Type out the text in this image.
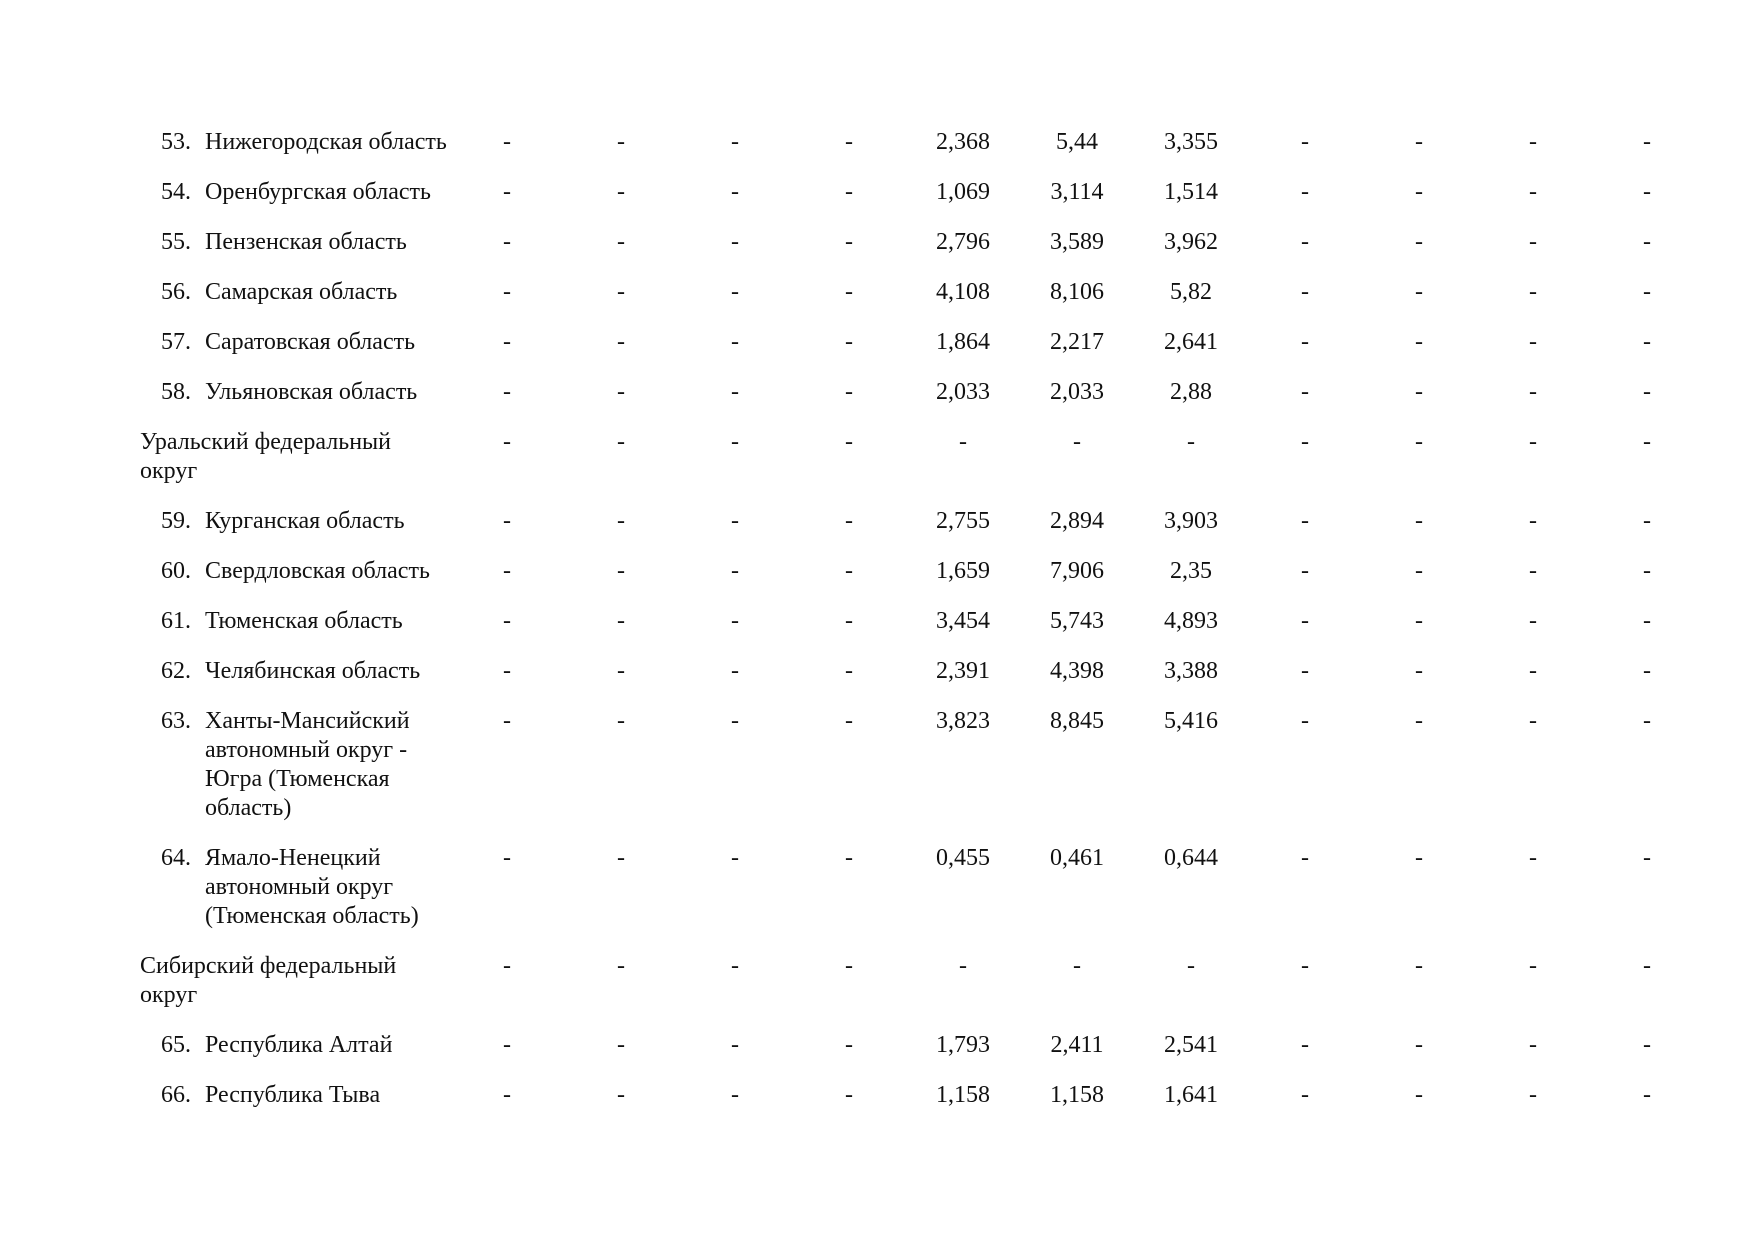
53.	Нижегородская область	-	-	-	-	2,368	5,44	3,355	-	-	-	-
54.	Оренбургская область	-	-	-	-	1,069	3,114	1,514	-	-	-	-
55.	Пензенская область	-	-	-	-	2,796	3,589	3,962	-	-	-	-
56.	Самарская область	-	-	-	-	4,108	8,106	5,82	-	-	-	-
57.	Саратовская область	-	-	-	-	1,864	2,217	2,641	-	-	-	-
58.	Ульяновская область	-	-	-	-	2,033	2,033	2,88	-	-	-	-
Уральский федеральный округ		-	-	-	-	-	-	-	-	-	-	-
59.	Курганская область	-	-	-	-	2,755	2,894	3,903	-	-	-	-
60.	Свердловская область	-	-	-	-	1,659	7,906	2,35	-	-	-	-
61.	Тюменская область	-	-	-	-	3,454	5,743	4,893	-	-	-	-
62.	Челябинская область	-	-	-	-	2,391	4,398	3,388	-	-	-	-
63.	Ханты-Мансийский автономный округ - Югра (Тюменская область)	-	-	-	-	3,823	8,845	5,416	-	-	-	-
64.	Ямало-Ненецкий автономный округ (Тюменская область)	-	-	-	-	0,455	0,461	0,644	-	-	-	-
Сибирский федеральный округ		-	-	-	-	-	-	-	-	-	-	-
65.	Республика Алтай	-	-	-	-	1,793	2,411	2,541	-	-	-	-
66.	Республика Тыва	-	-	-	-	1,158	1,158	1,641	-	-	-	-
